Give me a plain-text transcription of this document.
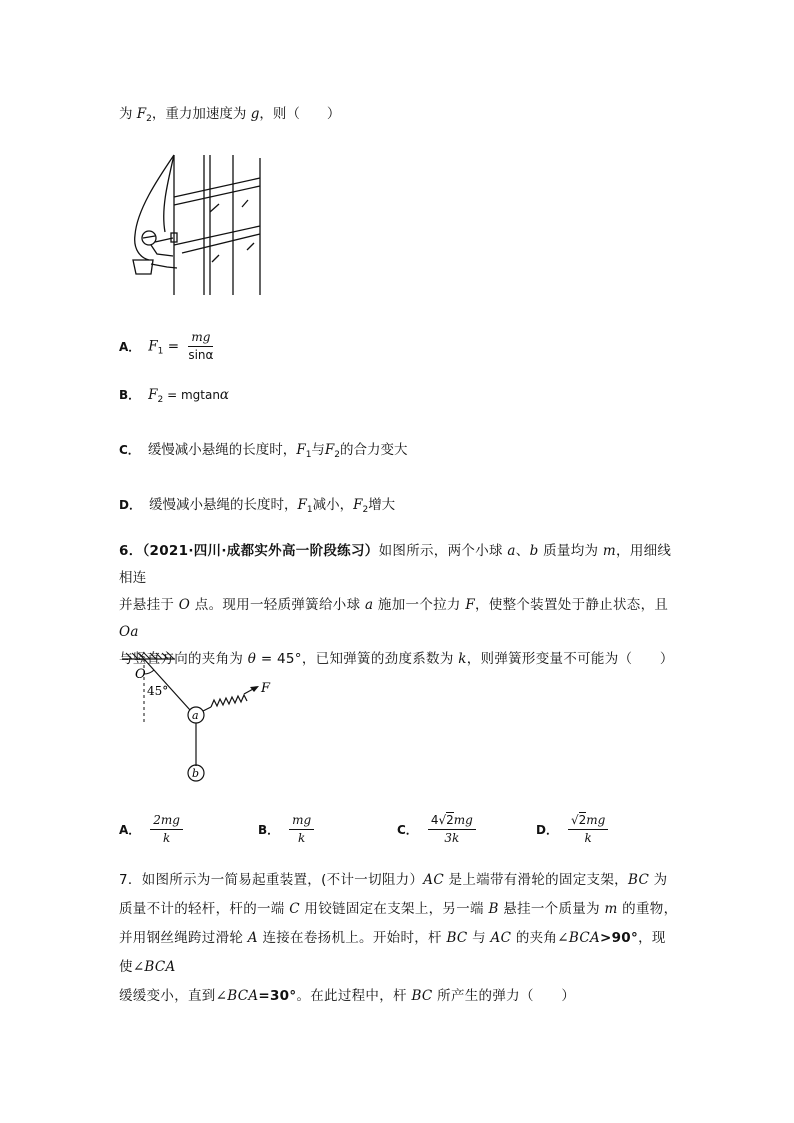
为 $F_2$，重力加速度为 g，则（　　）
A． $F_1 = \frac{mg}{\sin\alpha}$
B． $F_2 = mgtan\alpha$
C． 缓慢减小悬绳的长度时，$F_1$与$F_2$的合力变大
D． 缓慢减小悬绳的长度时，$F_1$减小，$F_2$增大
6．（2021·四川·成都实外高一阶段练习）如图所示，两个小球 a、b 质量均为 m，用细线相连
并悬挂于 O 点。现用一轻质弹簧给小球 a 施加一个拉力 F，使整个装置处于静止状态，且 Oa
与竖直方向的夹角为 θ = 45°，已知弹簧的劲度系数为 k，则弹簧形变量不可能为（　　）
O
45°
a
b
F
A． $\frac{2mg}{k}$	B． $\frac{mg}{k}$	C． $\frac{4√2mg}{3k}$	D． $\frac{√2mg}{k}$
7．如图所示为一简易起重装置，(不计一切阻力）AC 是上端带有滑轮的固定支架，BC 为
质量不计的轻杆，杆的一端 C 用铰链固定在支架上，另一端 B 悬挂一个质量为 m 的重物，
并用钢丝绳跨过滑轮 A 连接在卷扬机上。开始时，杆 BC 与 AC 的夹角∠BCA>90°，现使∠BCA
缓缓变小，直到∠BCA=30°。在此过程中，杆 BC 所产生的弹力（　　）
